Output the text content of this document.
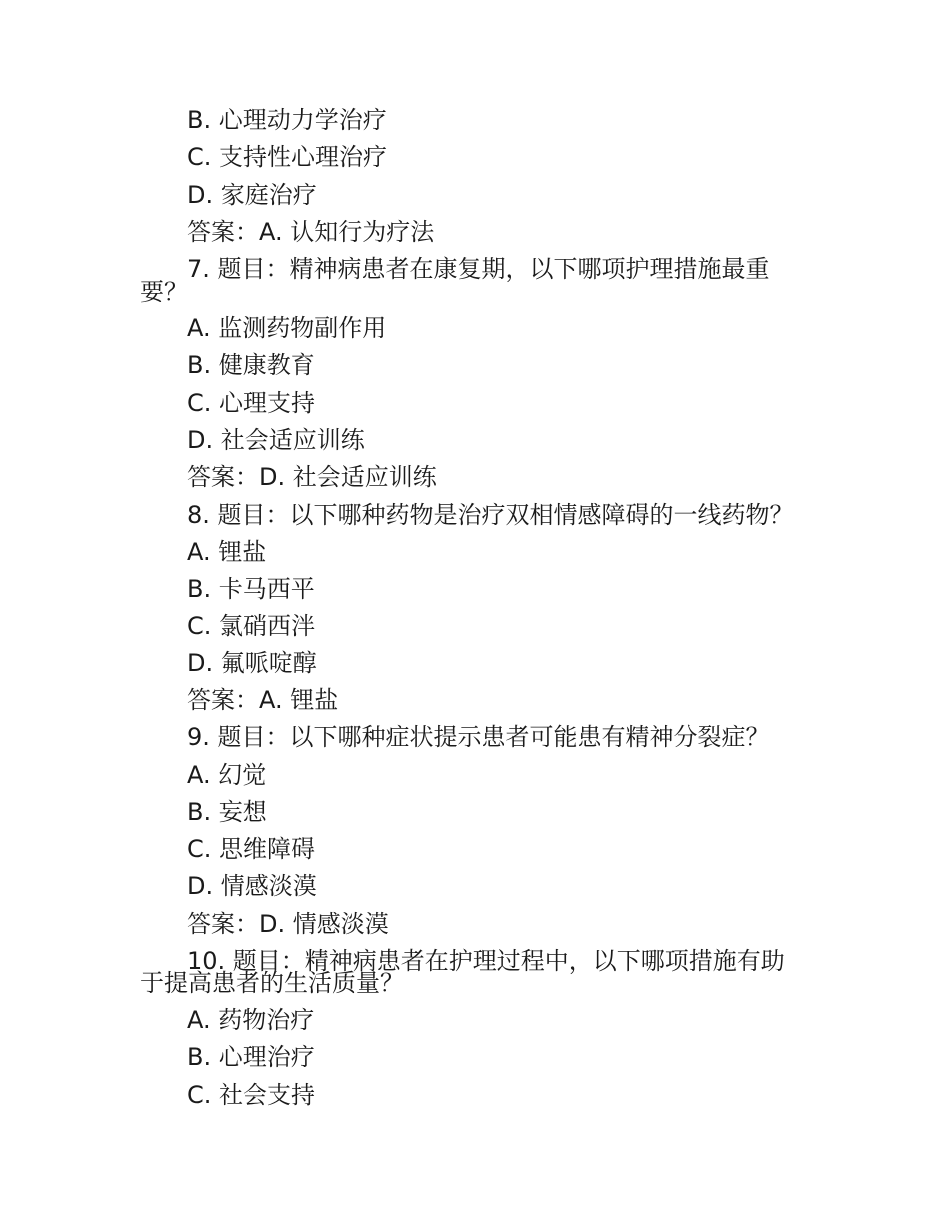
B. 心理动力学治疗
C. 支持性心理治疗
D. 家庭治疗
答案：A. 认知行为疗法
7. 题目：精神病患者在康复期，以下哪项护理措施最重
要？
A. 监测药物副作用
B. 健康教育
C. 心理支持
D. 社会适应训练
答案：D. 社会适应训练
8. 题目：以下哪种药物是治疗双相情感障碍的一线药物？
A. 锂盐
B. 卡马西平
C. 氯硝西泮
D. 氟哌啶醇
答案：A. 锂盐
9. 题目：以下哪种症状提示患者可能患有精神分裂症？
A. 幻觉
B. 妄想
C. 思维障碍
D. 情感淡漠
答案：D. 情感淡漠
10. 题目：精神病患者在护理过程中，以下哪项措施有助
于提高患者的生活质量？
A. 药物治疗
B. 心理治疗
C. 社会支持
